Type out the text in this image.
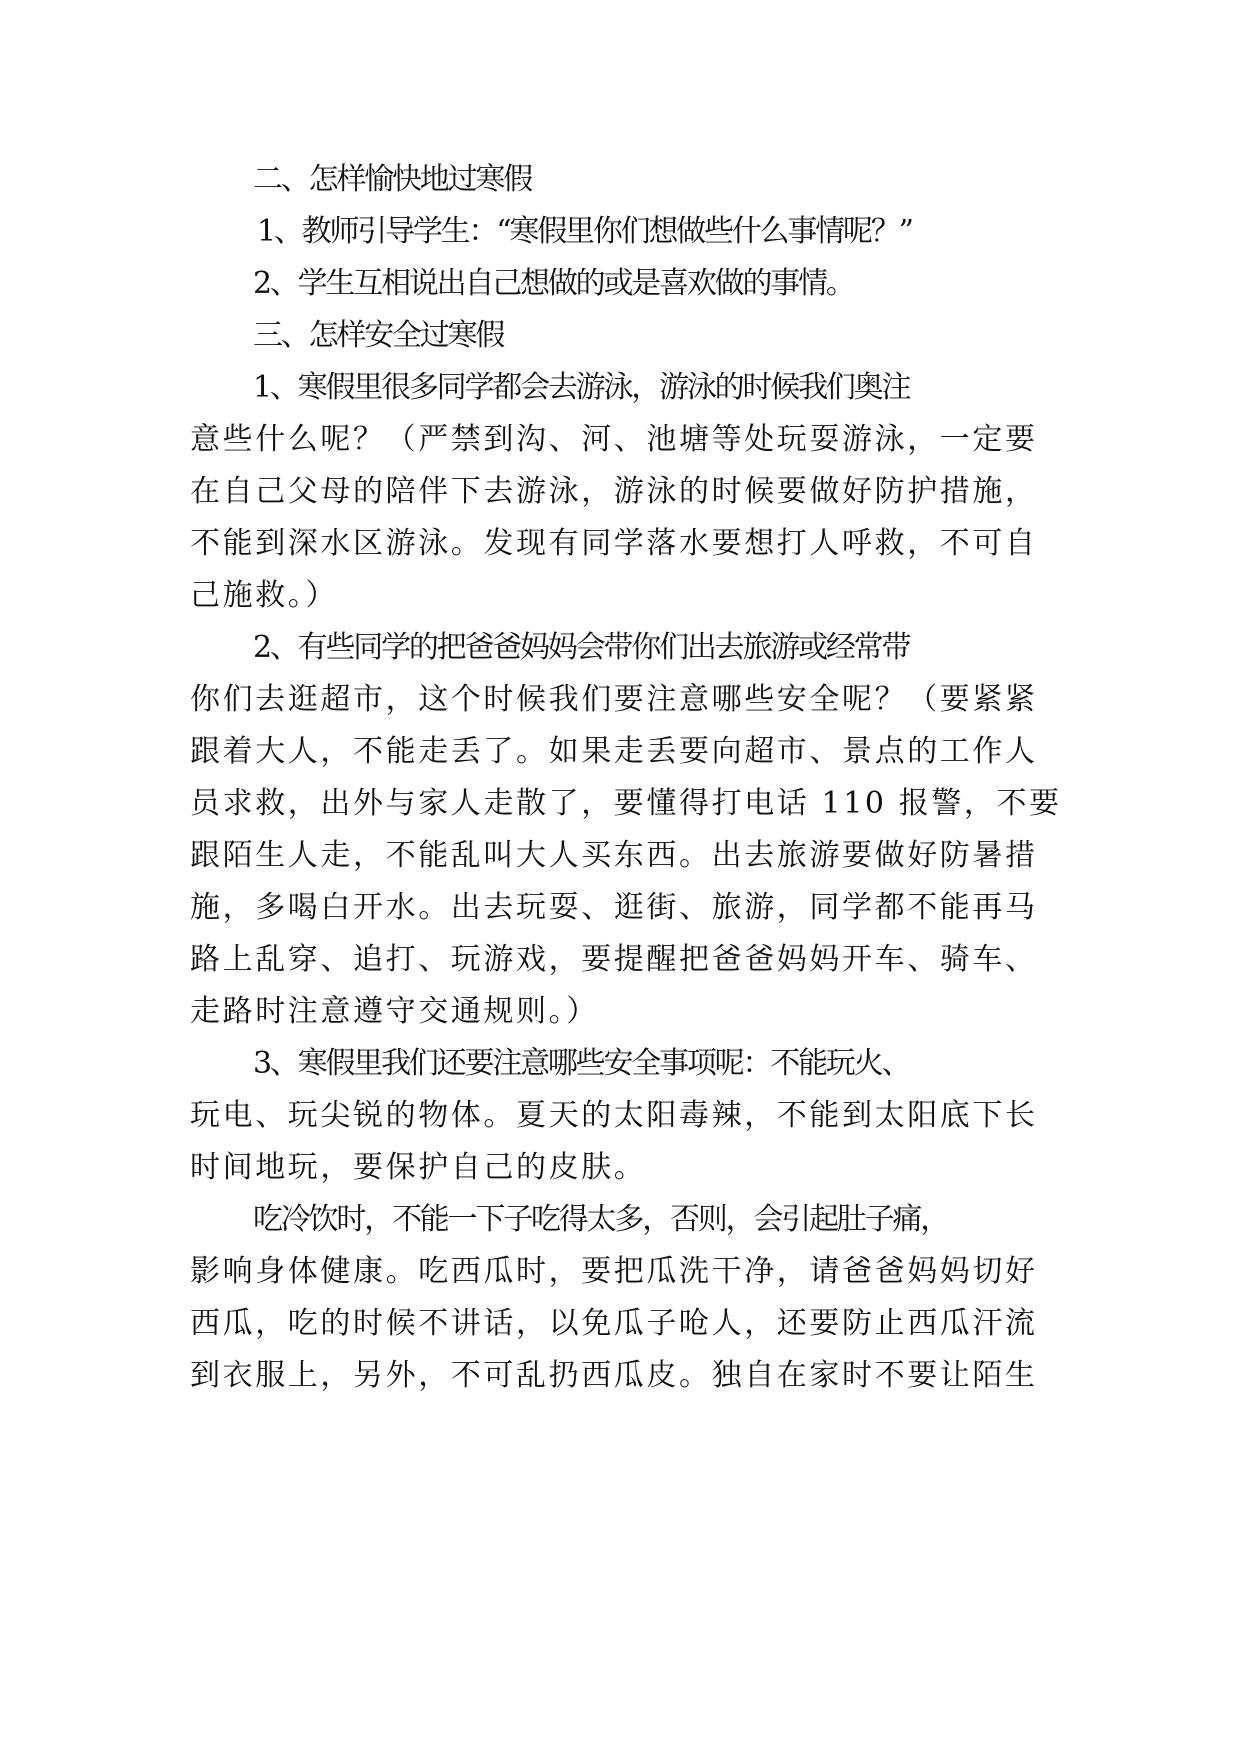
二、怎样愉快地过寒假

1、教师引导学生：“寒假里你们想做些什么事情呢？”

2、学生互相说出自己想做的或是喜欢做的事情。

三、怎样安全过寒假

1、寒假里很多同学都会去游泳，游泳的时候我们奥注

意些什么呢？（严禁到沟、河、池塘等处玩耍游泳，一定要

在自己父母的陪伴下去游泳，游泳的时候要做好防护措施，

不能到深水区游泳。发现有同学落水要想打人呼救，不可自

己施救。）

2、有些同学的把爸爸妈妈会带你们出去旅游或经常带

你们去逛超市，这个时候我们要注意哪些安全呢？（要紧紧

跟着大人，不能走丢了。如果走丢要向超市、景点的工作人

员求救，出外与家人走散了，要懂得打电话 110 报警，不要

跟陌生人走，不能乱叫大人买东西。出去旅游要做好防暑措

施，多喝白开水。出去玩耍、逛街、旅游，同学都不能再马

路上乱穿、追打、玩游戏，要提醒把爸爸妈妈开车、骑车、

走路时注意遵守交通规则。）

3、寒假里我们还要注意哪些安全事项呢：不能玩火、

玩电、玩尖锐的物体。夏天的太阳毒辣，不能到太阳底下长

时间地玩，要保护自己的皮肤。

吃冷饮时，不能一下子吃得太多，否则，会引起肚子痛，

影响身体健康。吃西瓜时，要把瓜洗干净，请爸爸妈妈切好

西瓜，吃的时候不讲话，以免瓜子呛人，还要防止西瓜汗流

到衣服上，另外，不可乱扔西瓜皮。独自在家时不要让陌生
